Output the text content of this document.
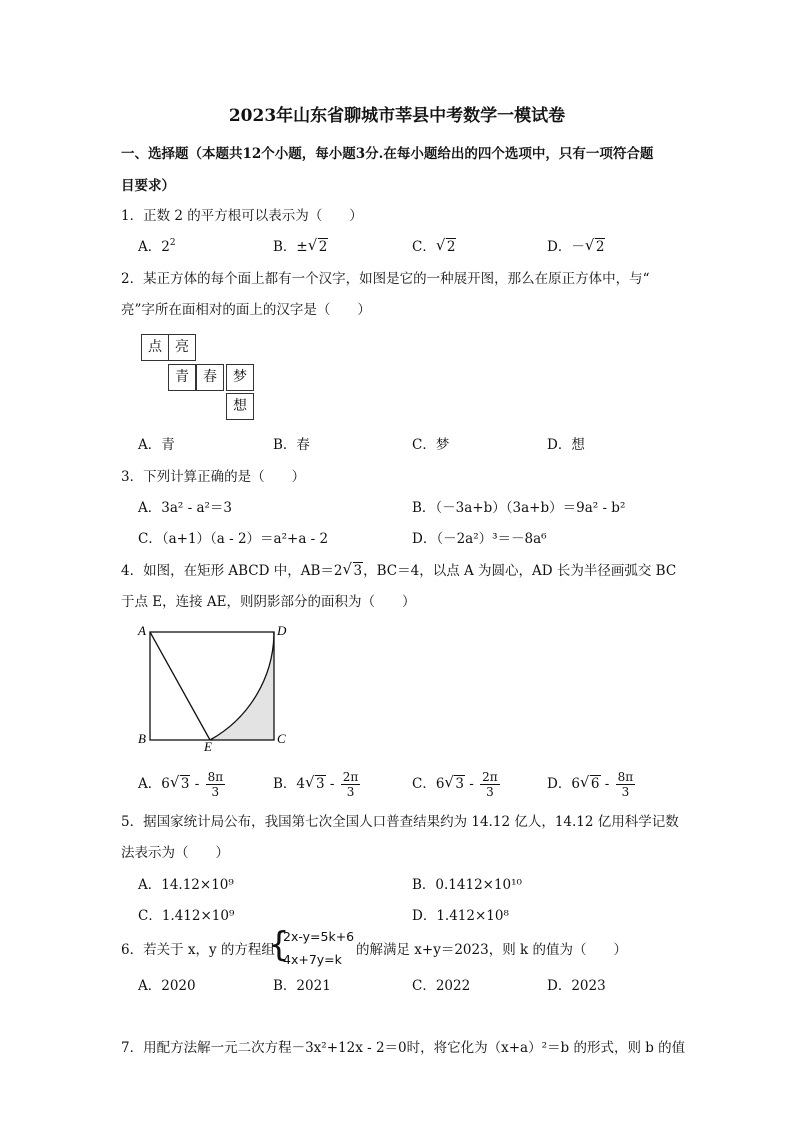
2023年山东省聊城市莘县中考数学一模试卷
一、选择题（本题共12个小题，每小题3分.在每小题给出的四个选项中，只有一项符合题
目要求）
1．正数 2 的平方根可以表示为（　　）
A．$2^2$	B．± √ 2	C． √ 2	D．－ √ 2
2．某正方体的每个面上都有一个汉字，如图是它的一种展开图，那么在原正方体中，与“
亮”字所在面相对的面上的汉字是（　　）
点 亮
青	春	梦
想
A．青	B．春	C．梦	D．想
3．下列计算正确的是（　　）
A．3a² - a²＝3	B．（－3a+b）（3a+b）＝9a² - b²
C．（a+1）（a - 2）＝a²+a - 2	D．（－2a²）³＝－8a⁶
4．如图，在矩形 ABCD 中，AB＝2 √ 3，BC＝4，以点 A 为圆心，AD 长为半径画弧交 BC
于点 E，连接 AE，则阴影部分的面积为（　　）
A	D
B	C
E
A．6 √ $3 - \frac{8\pi}{3}$	B．4 √ $3 - \frac{2\pi}{3}$	C．6 √ $3 - \frac{2\pi}{3}$	D．6 √ $6 - \frac{8\pi}{3}$
5．据国家统计局公布，我国第七次全国人口普查结果约为 14.12 亿人，14.12 亿用科学记数
法表示为（　　）
A．14.12×10⁹	B．0.1412×10¹⁰
C．1.412×10⁹	D．1.412×10⁸
6．若关于 x，y 的方程组
{
2x-y=5k+6
4x+7y=k
的解满足 x+y＝2023，则 k 的值为（　　）
A．2020	B．2021	C．2022	D．2023
7．用配方法解一元二次方程－3x²+12x - 2＝0时，将它化为（x+a）²＝b 的形式，则 b 的值
